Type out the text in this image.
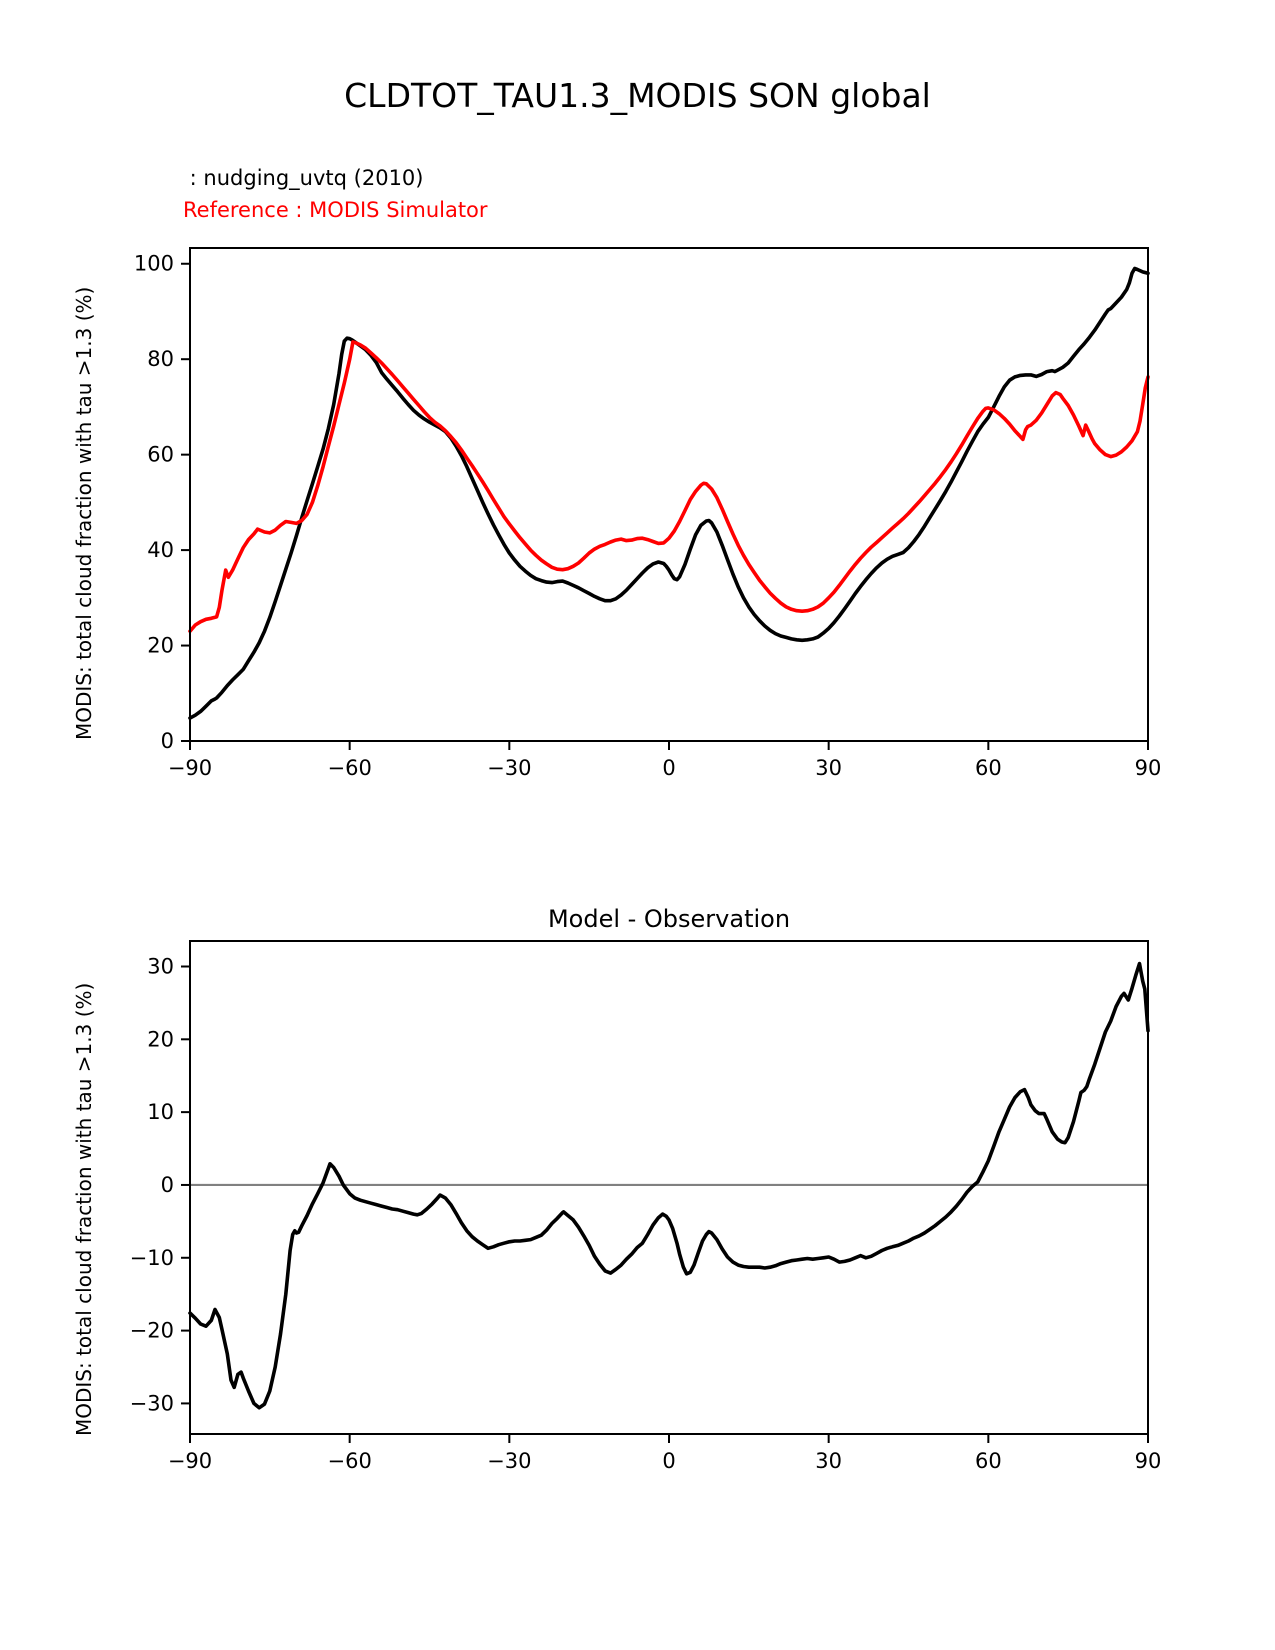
CLDTOT_TAU1.3_MODIS SON global
: nudging_uvtq (2010)
Reference : MODIS Simulator
Model - Observation
MODIS: total cloud fraction with tau >1.3 (%)
MODIS: total cloud fraction with tau >1.3 (%)
−90	−60	−30	0	30	60	90
0
20
40
60
80
100
−90	−60	−30	0	30	60	90
−30
−20
−10
0
10
20
30
